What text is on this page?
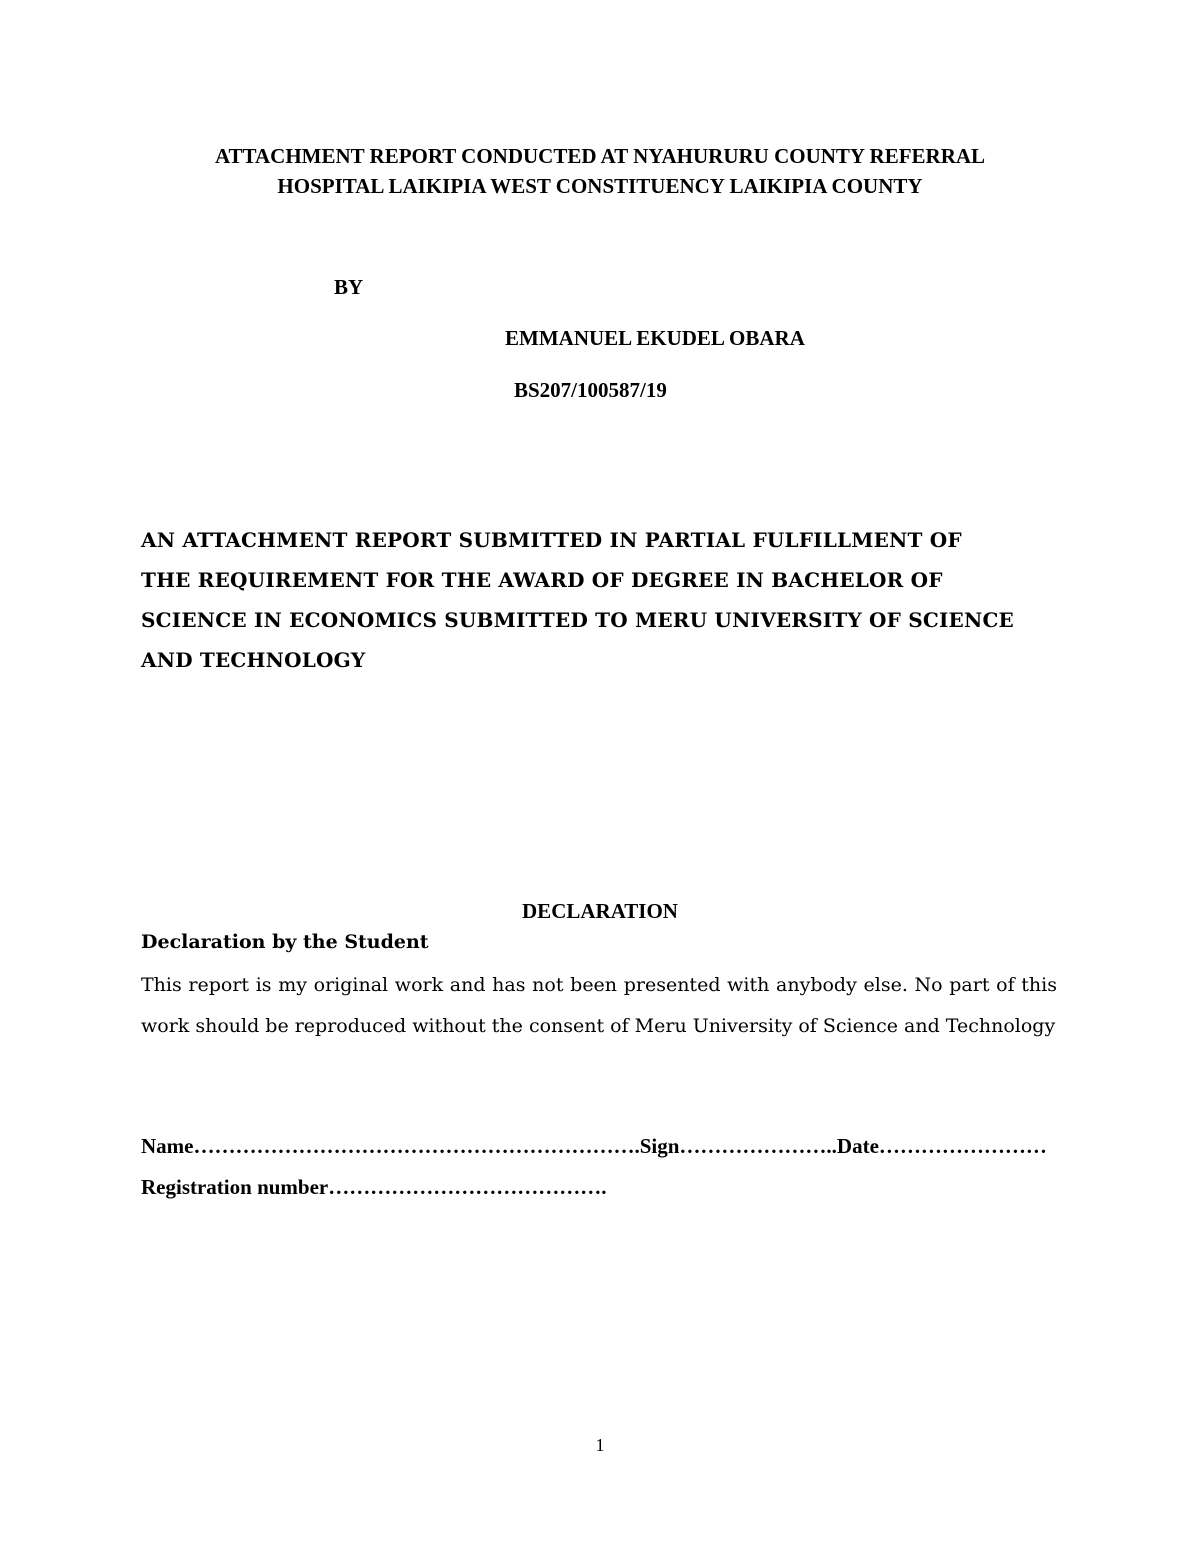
ATTACHMENT REPORT CONDUCTED AT NYAHURURU COUNTY REFERRAL

HOSPITAL LAIKIPIA WEST CONSTITUENCY LAIKIPIA COUNTY

BY

EMMANUEL EKUDEL OBARA

BS207/100587/19

AN ATTACHMENT REPORT SUBMITTED IN PARTIAL FULFILLMENT OF

THE REQUIREMENT FOR THE AWARD OF DEGREE IN BACHELOR OF

SCIENCE IN ECONOMICS SUBMITTED TO MERU UNIVERSITY OF SCIENCE

AND TECHNOLOGY

DECLARATION

Declaration by the Student

This report is my original work and has not been presented with anybody else. No part of this work should be reproduced without the consent of Meru University of Science and Technology

Name……………………………………………………….Sign…………………..Date……………………

Registration number………………………………….

1
